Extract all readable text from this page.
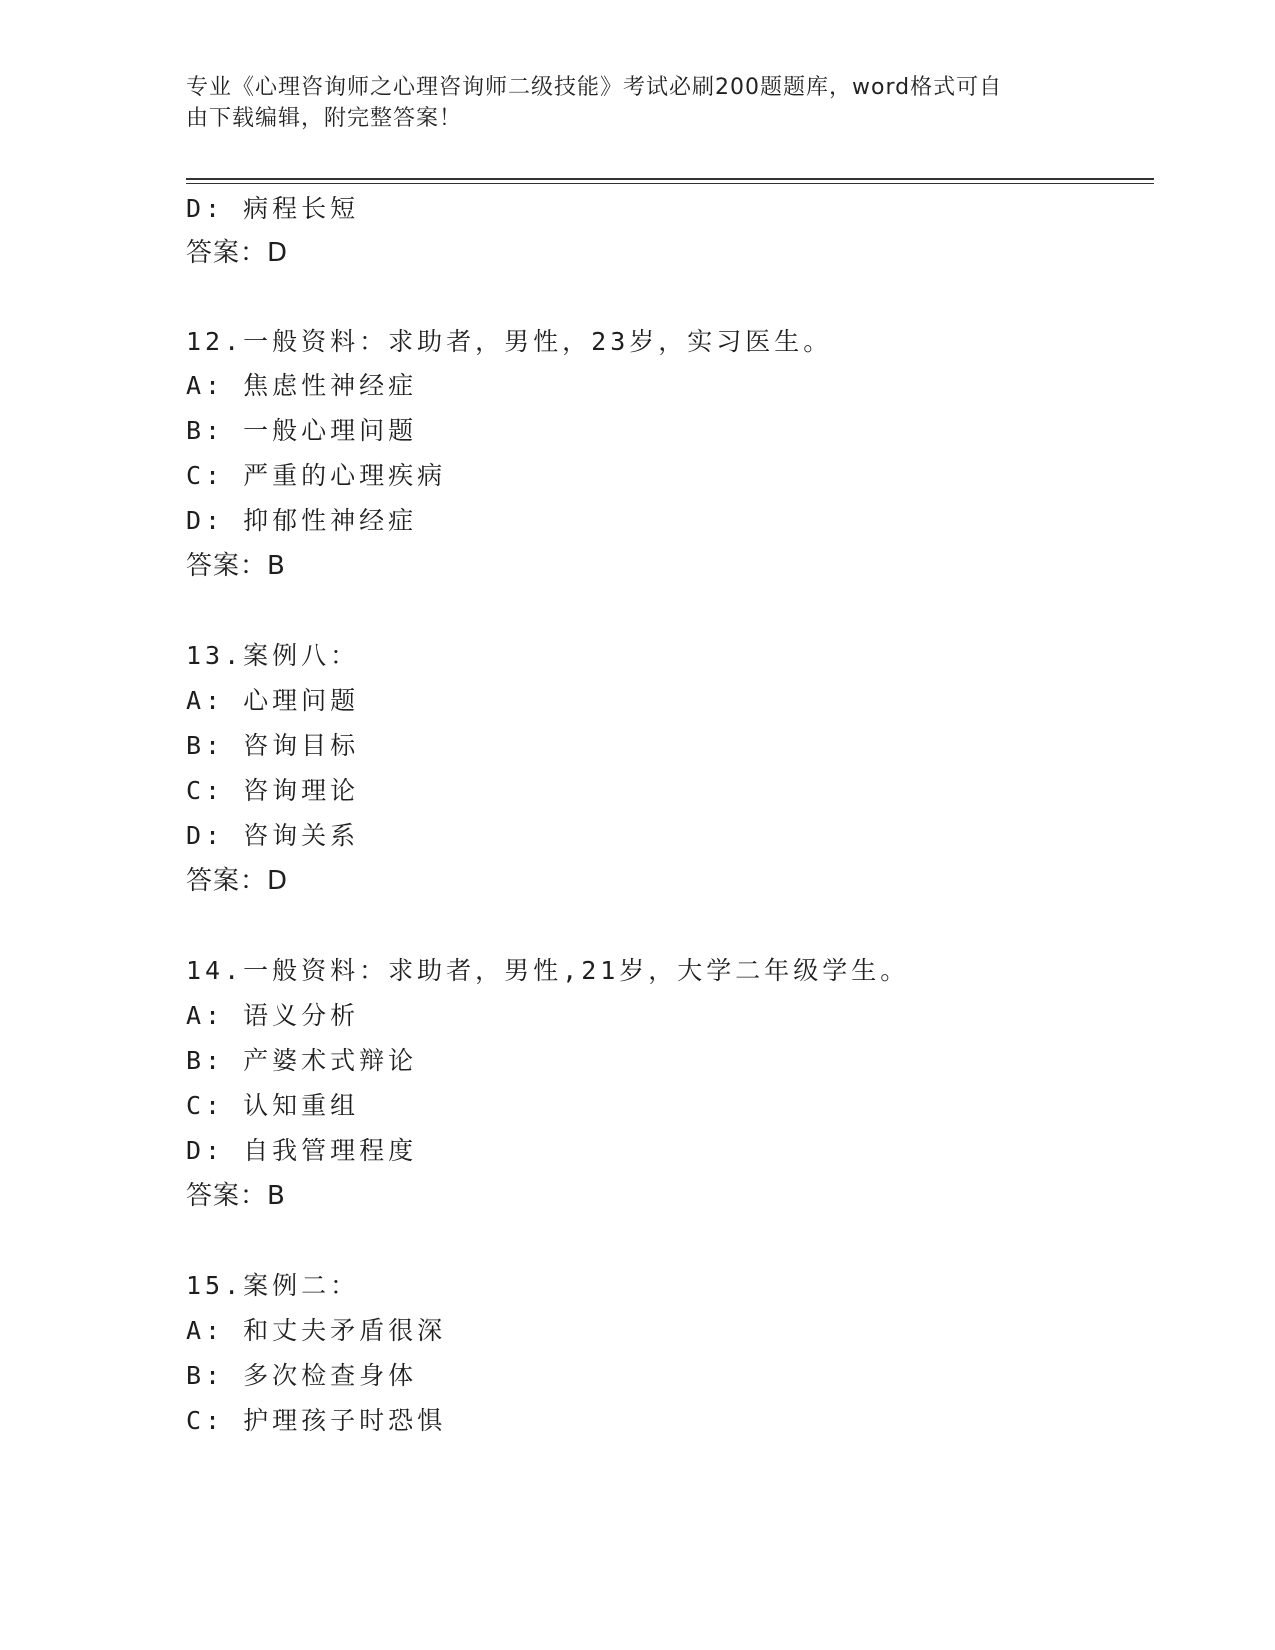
专业《心理咨询师之心理咨询师二级技能》考试必刷200题题库，word格式可自
由下载编辑，附完整答案！
D: 病程长短
答案：D
12.一般资料：求助者，男性，23岁，实习医生。
A: 焦虑性神经症
B: 一般心理问题
C: 严重的心理疾病
D: 抑郁性神经症
答案：B
13.案例八：
A: 心理问题
B: 咨询目标
C: 咨询理论
D: 咨询关系
答案：D
14.一般资料：求助者，男性,21岁，大学二年级学生。
A: 语义分析
B: 产婆术式辩论
C: 认知重组
D: 自我管理程度
答案：B
15.案例二：
A: 和丈夫矛盾很深
B: 多次检查身体
C: 护理孩子时恐惧
